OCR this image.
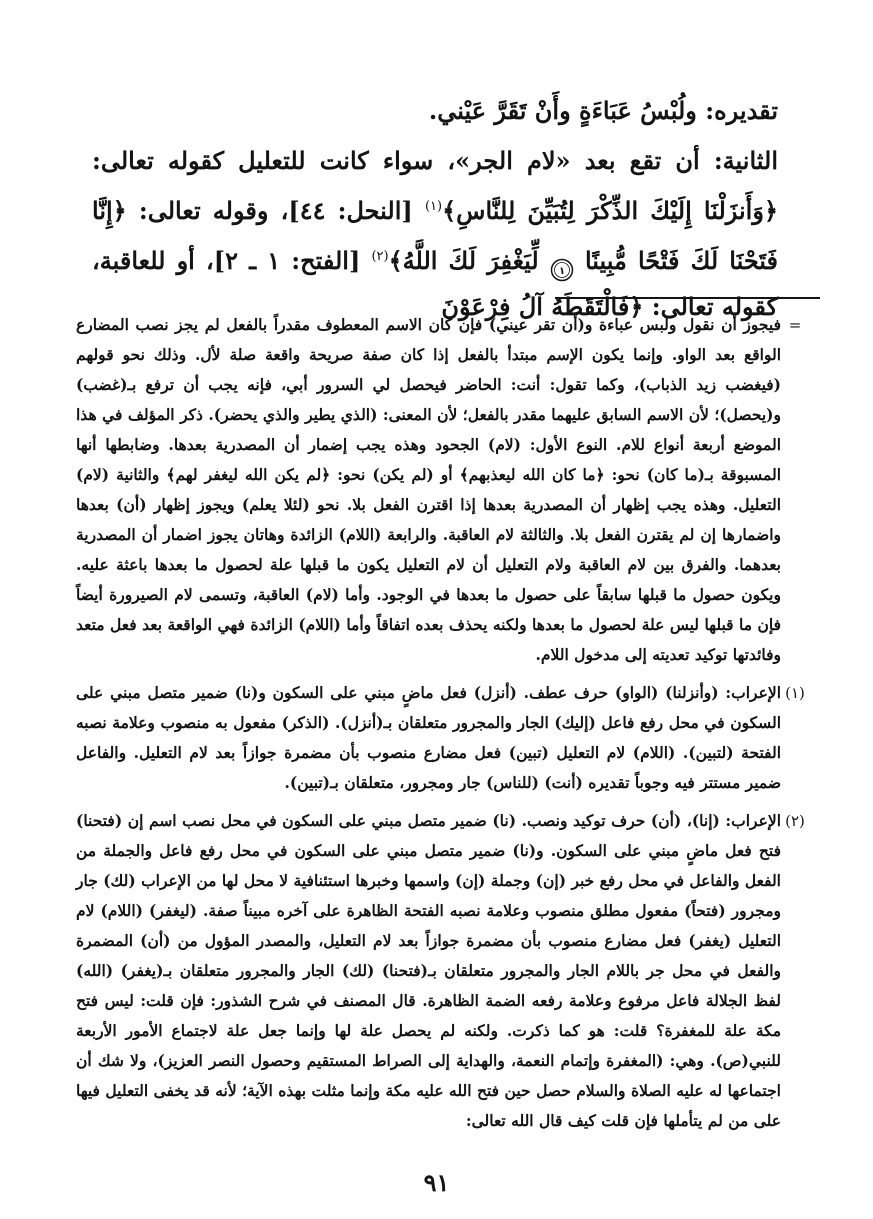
تقديره: ولُبْسُ عَبَاءَةٍ وأَنْ تَقَرَّ عَيْني.

الثانية: أن تقع بعد «لام الجر»، سواء كانت للتعليل كقوله تعالى: ﴿وَأَنزَلْنَا إِلَيْكَ الذِّكْرَ لِتُبَيِّنَ لِلنَّاسِ﴾$^{(١)}$ [النحل: ٤٤]، وقوله تعالى: ﴿إِنَّا فَتَحْنَا لَكَ فَتْحًا مُّبِينًا
١
لِّيَغْفِرَ لَكَ اللَّهُ﴾$^{(٢)}$ [الفتح: ١ ـ ٢]، أو للعاقبة، كقوله تعالى: ﴿فَالْتَقَطَهُ آلُ فِرْعَوْنَ

=
فيجوز أن نقول ولبس عباءة و(أن تقر عيني) فإن كان الاسم المعطوف مقدراً بالفعل لم يجز نصب المضارع الواقع بعد الواو. وإنما يكون الإسم مبتدأ بالفعل إذا كان صفة صريحة واقعة صلة لأل. وذلك نحو قولهم (فيغضب زيد الذباب)، وكما تقول: أنت: الحاضر فيحصل لي السرور أبي، فإنه يجب أن ترفع بـ(غضب) و(يحصل)؛ لأن الاسم السابق عليهما مقدر بالفعل؛ لأن المعنى: (الذي يطير والذي يحضر). ذكر المؤلف في هذا الموضع أربعة أنواع للام. النوع الأول: (لام) الجحود وهذه يجب إضمار أن المصدرية بعدها. وضابطها أنها المسبوقة بـ(ما كان) نحو: ﴿ما كان الله ليعذبهم﴾ أو (لم يكن) نحو: ﴿لم يكن الله ليغفر لهم﴾ والثانية (لام) التعليل. وهذه يجب إظهار أن المصدرية بعدها إذا اقترن الفعل بلا. نحو (لئلا يعلم) ويجوز إظهار (أن) بعدها واضمارها إن لم يقترن الفعل بلا. والثالثة لام العاقبة. والرابعة (اللام) الزائدة وهاتان يجوز اضمار أن المصدرية بعدهما. والفرق بين لام العاقبة ولام التعليل أن لام التعليل يكون ما قبلها علة لحصول ما بعدها باعثة عليه. ويكون حصول ما قبلها سابقاً على حصول ما بعدها في الوجود. وأما (لام) العاقبة، وتسمى لام الصيرورة أيضاً فإن ما قبلها ليس علة لحصول ما بعدها ولكنه يحذف بعده اتفاقاً وأما (اللام) الزائدة فهي الواقعة بعد فعل متعد وفائدتها توكيد تعديته إلى مدخول اللام.
(١)
الإعراب: (وأنزلنا) (الواو) حرف عطف. (أنزل) فعل ماضٍ مبني على السكون و(نا) ضمير متصل مبني على السكون في محل رفع فاعل (إليك) الجار والمجرور متعلقان بـ(أنزل). (الذكر) مفعول به منصوب وعلامة نصبه الفتحة (لتبين). (اللام) لام التعليل (تبين) فعل مضارع منصوب بأن مضمرة جوازاً بعد لام التعليل. والفاعل ضمير مستتر فيه وجوباً تقديره (أنت) (للناس) جار ومجرور، متعلقان بـ(تبين).
(٢)
الإعراب: (إنا)، (أن) حرف توكيد ونصب. (نا) ضمير متصل مبني على السكون في محل نصب اسم إن (فتحنا) فتح فعل ماضٍ مبني على السكون. و(نا) ضمير متصل مبني على السكون في محل رفع فاعل والجملة من الفعل والفاعل في محل رفع خبر (إن) وجملة (إن) واسمها وخبرها استئنافية لا محل لها من الإعراب (لك) جار ومجرور (فتحاً) مفعول مطلق منصوب وعلامة نصبه الفتحة الظاهرة على آخره مبيناً صفة. (ليغفر) (اللام) لام التعليل (يغفر) فعل مضارع منصوب بأن مضمرة جوازاً بعد لام التعليل، والمصدر المؤول من (أن) المضمرة والفعل في محل جر باللام الجار والمجرور متعلقان بـ(فتحنا) (لك) الجار والمجرور متعلقان بـ(يغفر) (الله) لفظ الجلالة فاعل مرفوع وعلامة رفعه الضمة الظاهرة. قال المصنف في شرح الشذور: فإن قلت: ليس فتح مكة علة للمغفرة؟ قلت: هو كما ذكرت. ولكنه لم يحصل علة لها وإنما جعل علة لاجتماع الأمور الأربعة للنبي(ص). وهي: (المغفرة وإتمام النعمة، والهداية إلى الصراط المستقيم وحصول النصر العزيز)، ولا شك أن اجتماعها له عليه الصلاة والسلام حصل حين فتح الله عليه مكة وإنما مثلت بهذه الآية؛ لأنه قد يخفى التعليل فيها على من لم يتأملها فإن قلت كيف قال الله تعالى:
٩١
